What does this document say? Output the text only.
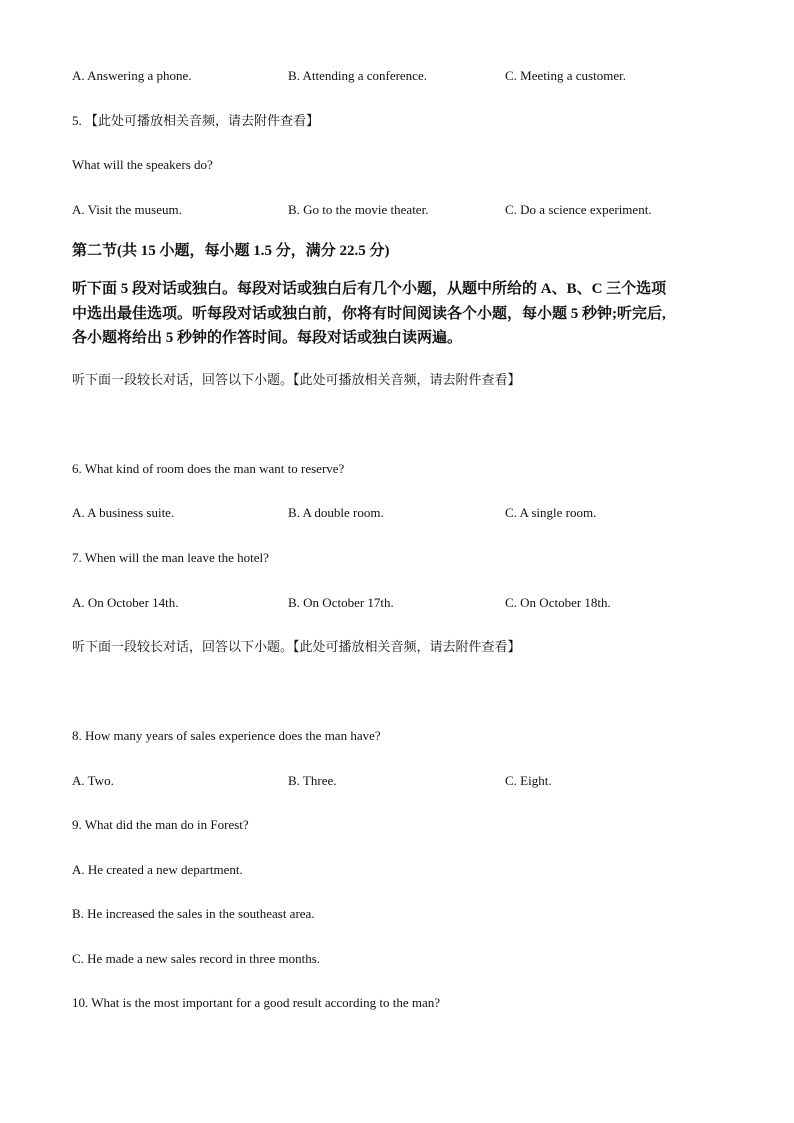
A. Answering a phone.	B. Attending a conference.	C. Meeting a customer.
5. 【此处可播放相关音频，请去附件查看】
What will the speakers do?
A. Visit the museum.	B. Go to the movie theater.	C. Do a science experiment.
第二节(共 15 小题，每小题 1.5 分，满分 22.5 分)
听下面 5 段对话或独白。每段对话或独白后有几个小题，从题中所给的 A、B、C 三个选项
中选出最佳选项。听每段对话或独白前，你将有时间阅读各个小题，每小题 5 秒钟;听完后,
各小题将给出 5 秒钟的作答时间。每段对话或独白读两遍。
听下面一段较长对话，回答以下小题。【此处可播放相关音频，请去附件查看】
6. What kind of room does the man want to reserve?
A. A business suite.	B. A double room.	C. A single room.
7. When will the man leave the hotel?
A. On October 14th.	B. On October 17th.	C. On October 18th.
听下面一段较长对话，回答以下小题。【此处可播放相关音频，请去附件查看】
8. How many years of sales experience does the man have?
A. Two.	B. Three.	C. Eight.
9. What did the man do in Forest?
A. He created a new department.
B. He increased the sales in the southeast area.
C. He made a new sales record in three months.
10. What is the most important for a good result according to the man?
